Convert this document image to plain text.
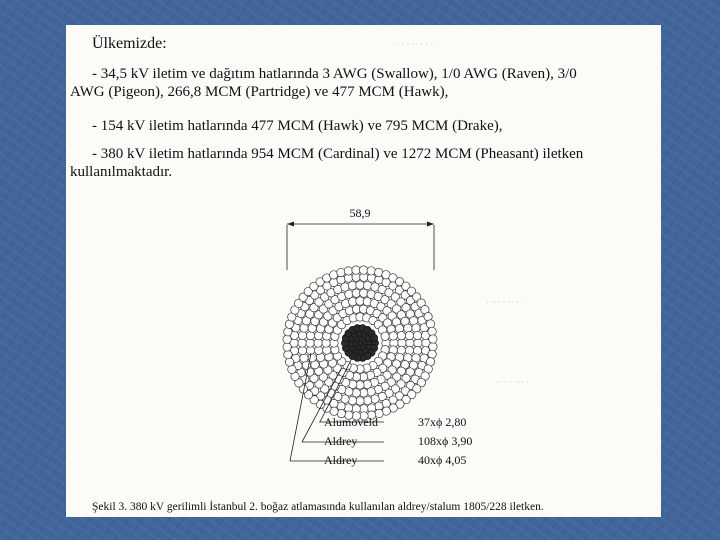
· · · ·· · · ·
· ··· · ·· · ·
·· · · ··· ·
Ülkemizde:
- 34,5 kV iletim ve dağıtım hatlarında 3 AWG (Swallow), 1/0 AWG (Raven), 3/0
AWG (Pigeon), 266,8 MCM (Partridge) ve 477 MCM (Hawk),
- 154 kV iletim hatlarında 477 MCM (Hawk) ve 795 MCM (Drake),
- 380 kV iletim hatlarında 954 MCM (Cardinal) ve 1272 MCM (Pheasant) iletken
kullanılmaktadır.
58,9
Alumoveld	37xϕ 2,80
Aldrey	108xϕ 3,90
Aldrey	40xϕ 4,05
Şekil 3. 380 kV gerilimli İstanbul 2. boğaz atlamasında kullanılan aldrey/stalum 1805/228 iletken.
